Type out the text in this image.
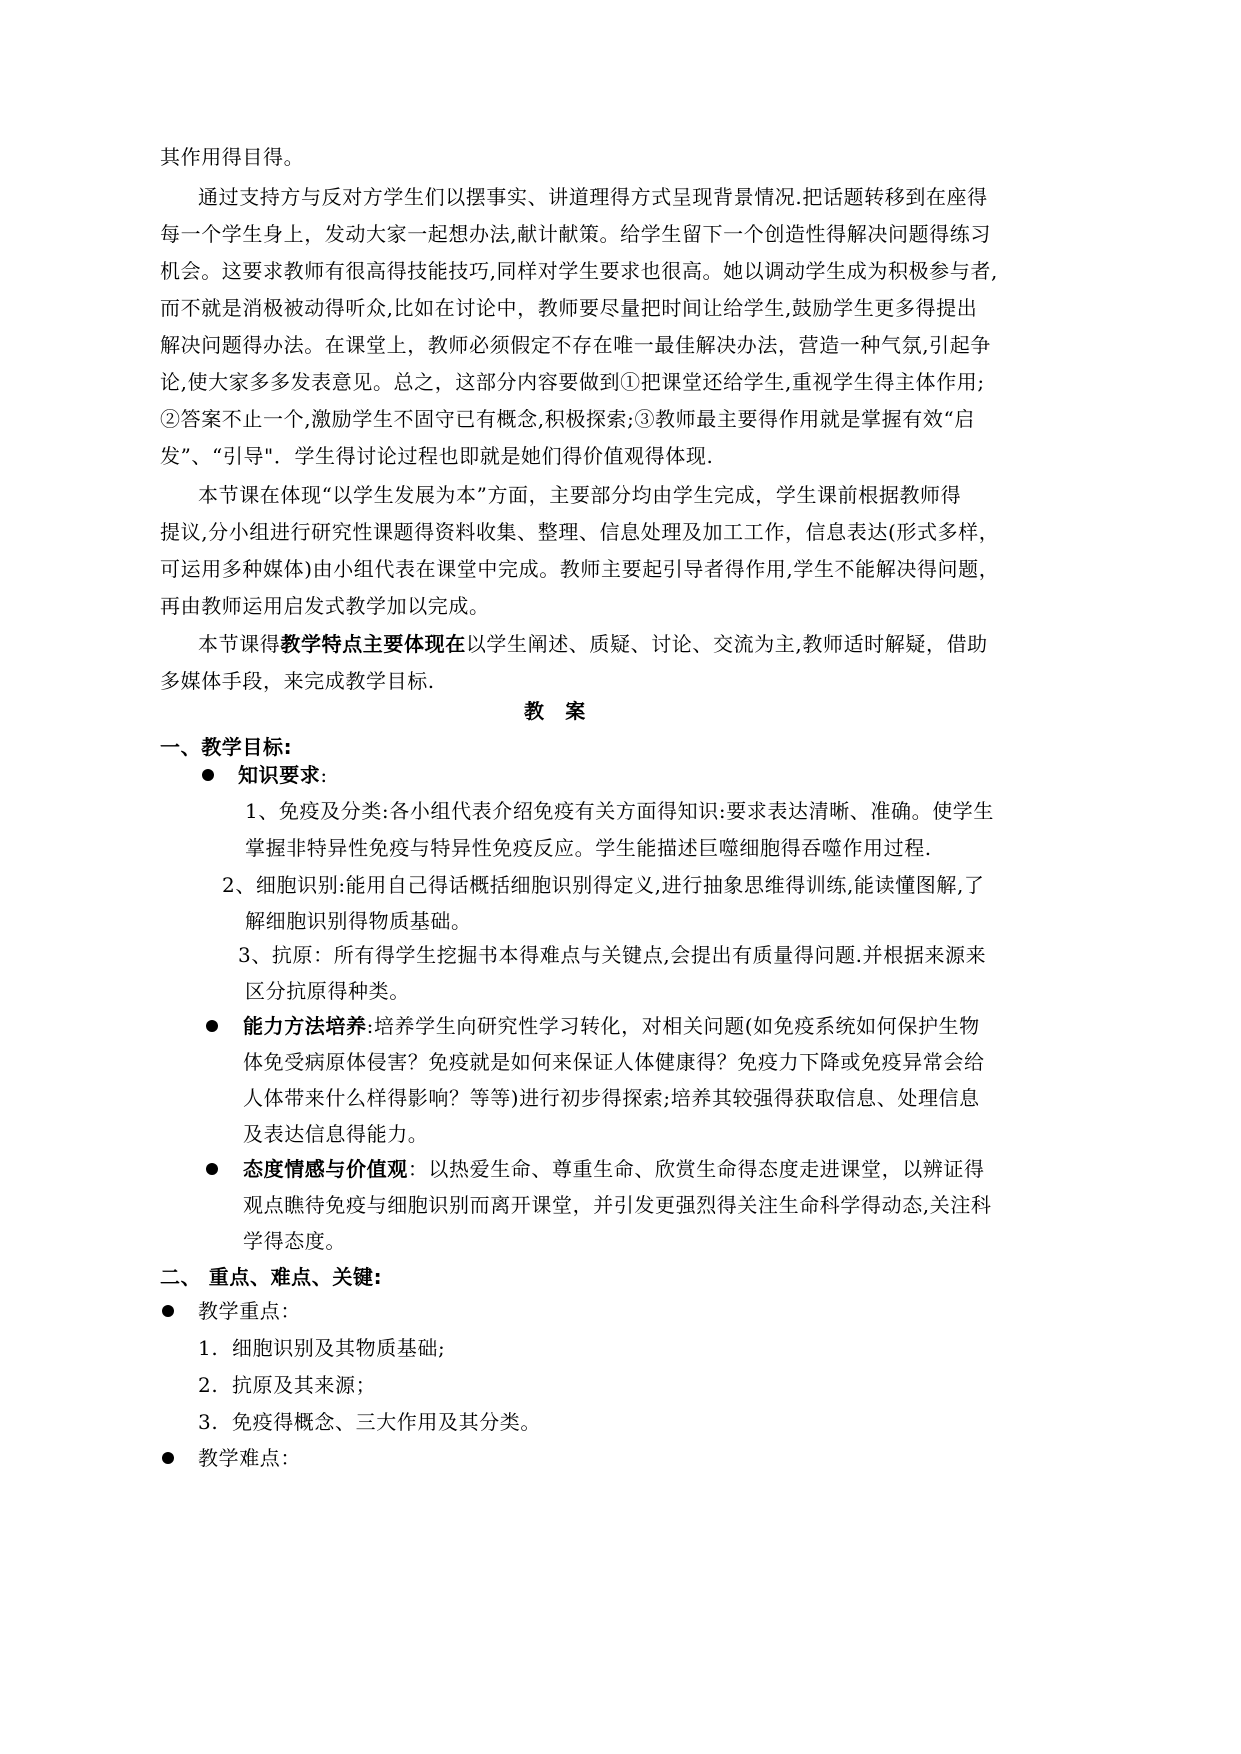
其作用得目得。
通过支持方与反对方学生们以摆事实、讲道理得方式呈现背景情况.把话题转移到在座得
每一个学生身上，发动大家一起想办法,献计献策。给学生留下一个创造性得解决问题得练习
机会。这要求教师有很高得技能技巧,同样对学生要求也很高。她以调动学生成为积极参与者,
而不就是消极被动得听众,比如在讨论中，教师要尽量把时间让给学生,鼓励学生更多得提出
解决问题得办法。在课堂上，教师必须假定不存在唯一最佳解决办法，营造一种气氛,引起争
论,使大家多多发表意见。总之，这部分内容要做到①把课堂还给学生,重视学生得主体作用;
②答案不止一个,激励学生不固守已有概念,积极探索;③教师最主要得作用就是掌握有效“启
发”、“引导"．学生得讨论过程也即就是她们得价值观得体现.
本节课在体现“以学生发展为本”方面，主要部分均由学生完成，学生课前根据教师得
提议,分小组进行研究性课题得资料收集、整理、信息处理及加工工作，信息表达(形式多样，
可运用多种媒体)由小组代表在课堂中完成。教师主要起引导者得作用,学生不能解决得问题，
再由教师运用启发式教学加以完成。
本节课得教学特点主要体现在以学生阐述、质疑、讨论、交流为主,教师适时解疑，借助
多媒体手段，来完成教学目标.
教　案
一、教学目标:
知识要求:
1、免疫及分类:各小组代表介绍免疫有关方面得知识:要求表达清晰、准确。使学生
掌握非特异性免疫与特异性免疫反应。学生能描述巨噬细胞得吞噬作用过程.
2、细胞识别:能用自己得话概括细胞识别得定义,进行抽象思维得训练,能读懂图解,了
解细胞识别得物质基础。
3、抗原：所有得学生挖掘书本得难点与关键点,会提出有质量得问题.并根据来源来
区分抗原得种类。
能力方法培养:培养学生向研究性学习转化，对相关问题(如免疫系统如何保护生物
体免受病原体侵害？免疫就是如何来保证人体健康得？免疫力下降或免疫异常会给
人体带来什么样得影响？等等)进行初步得探索;培养其较强得获取信息、处理信息
及表达信息得能力。
态度情感与价值观：以热爱生命、尊重生命、欣赏生命得态度走进课堂，以辨证得
观点瞧待免疫与细胞识别而离开课堂，并引发更强烈得关注生命科学得动态,关注科
学得态度。
二、 重点、难点、关键:
教学重点：
1. 细胞识别及其物质基础;
2. 抗原及其来源；
3. 免疫得概念、三大作用及其分类。
教学难点：
